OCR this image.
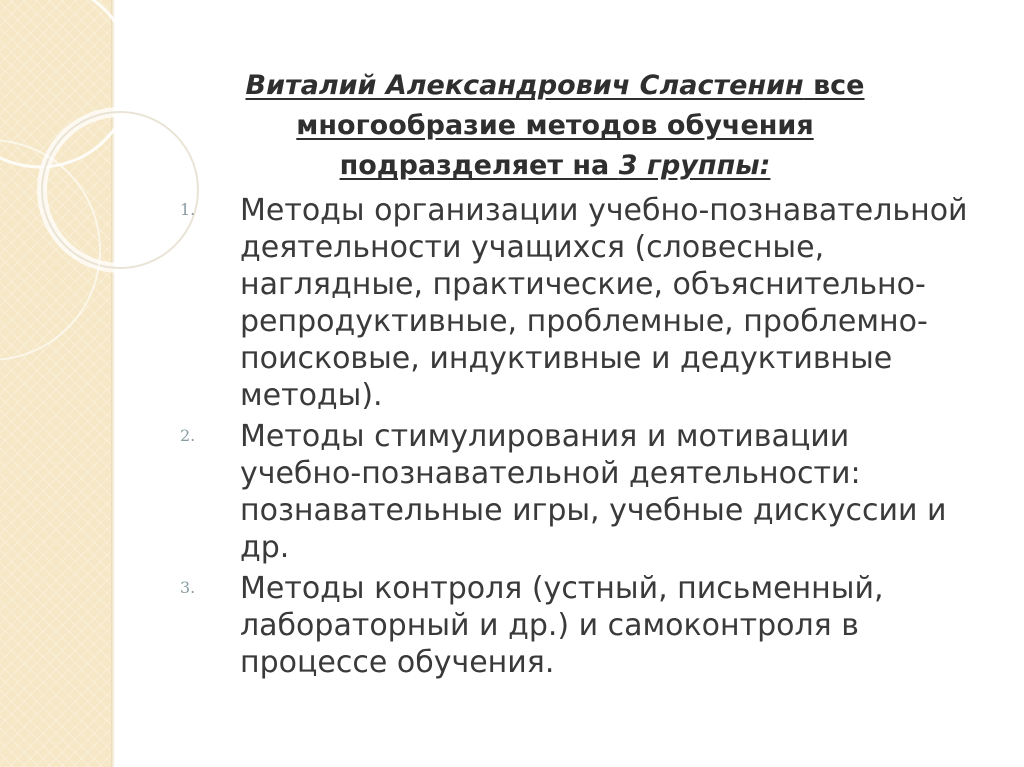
Виталий Александрович Сластенин все
многообразие методов обучения
подразделяет на 3 группы:
1. Методы организации учебно-познавательной деятельности учащихся (словесные, наглядные, практические, объяснительно-репродуктивные, проблемные, проблемно-поисковые, индуктивные и дедуктивные методы).
2. Методы стимулирования и мотивации учебно-познавательной деятельности: познавательные игры, учебные дискуссии и др.
3. Методы контроля (устный, письменный, лабораторный и др.) и самоконтроля в процессе обучения.
